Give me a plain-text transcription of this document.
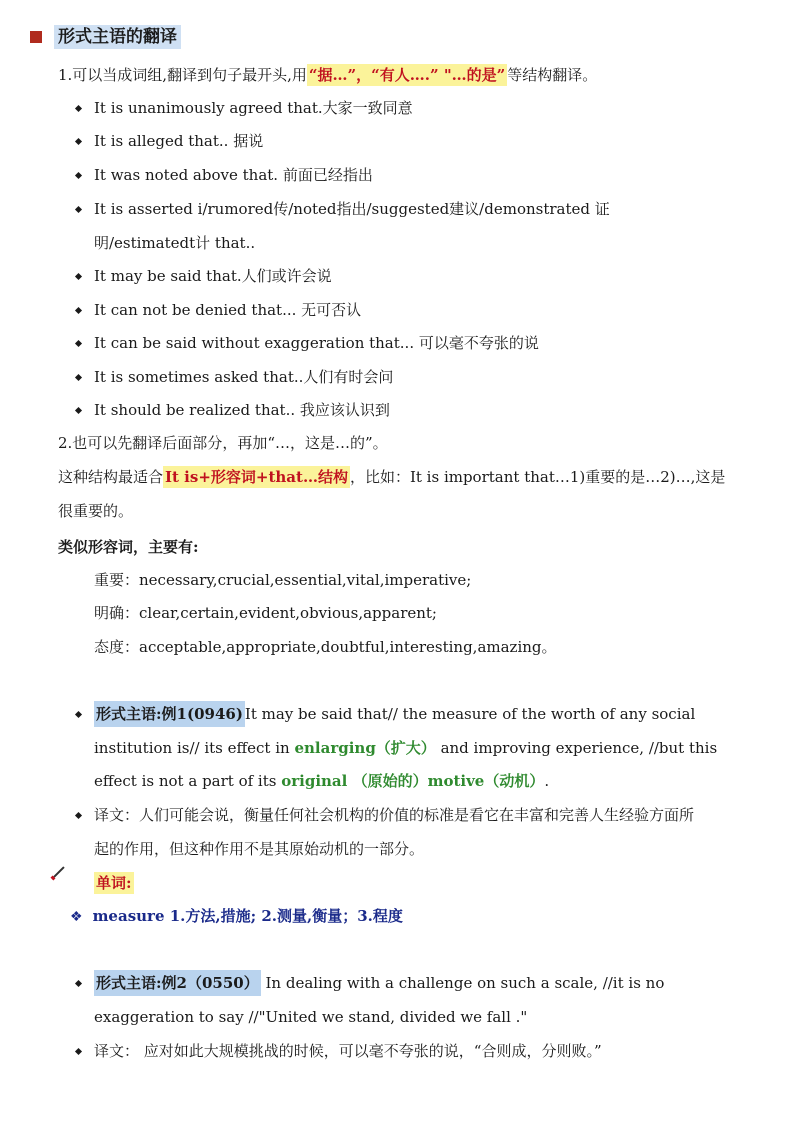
形式主语的翻译
1.可以当成词组,翻译到句子最开头,用 “据…”，“有人….” "…的是” 等结构翻译。
It is unanimously agreed that.大家一致同意
It is alleged that.. 据说
It was noted above that. 前面已经指出
It is asserted i/rumored传/noted指出/suggested建议/demonstrated 证
明/estimatedt计 that..
It may be said that.人们或许会说
It can not be denied that... 无可否认
It can be said without exaggeration that... 可以毫不夸张的说
It is sometimes asked that..人们有时会问
It should be realized that.. 我应该认识到
2.也可以先翻译后面部分，再加“…，这是…的”。
这种结构最适合 It is+形容词+that…结构 ，比如：It is important that…1)重要的是…2)…,这是
很重要的。
类似形容词，主要有:
重要：necessary,crucial,essential,vital,imperative;
明确：clear,certain,evident,obvious,apparent;
态度：acceptable,appropriate,doubtful,interesting,amazing。
形式主语:例1(0946) It may be said that// the measure of the worth of any social
institution is// its effect in enlarging（扩大） and improving experience, //but this
effect is not a part of its original （原始的）motive（动机）.
译文：人们可能会说，衡量任何社会机构的价值的标准是看它在丰富和完善人生经验方面所
起的作用，但这种作用不是其原始动机的一部分。
单词:
❖ measure 1.方法,措施; 2.测量,衡量；3.程度
形式主语:例2（0550） In dealing with a challenge on such a scale, //it is no
exaggeration to say //"United we stand, divided we fall ."
译文： 应对如此大规模挑战的时候，可以毫不夸张的说，“合则成，分则败。”
